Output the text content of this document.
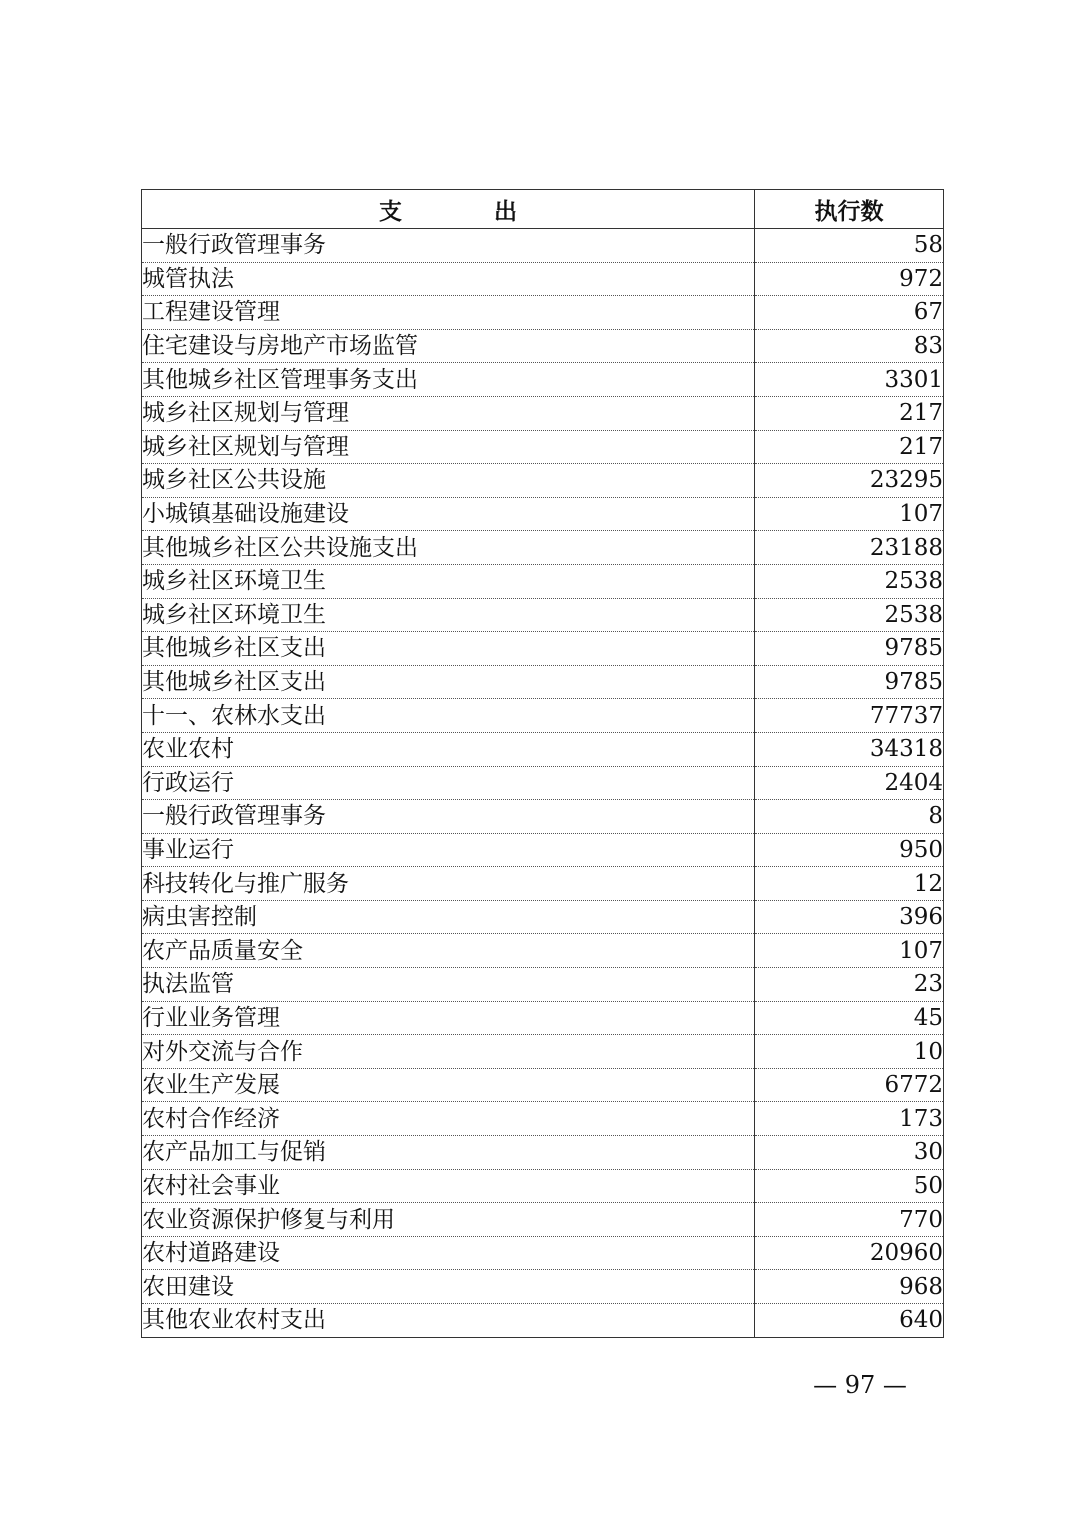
支出	执行数
一般行政管理事务	58
城管执法	972
工程建设管理	67
住宅建设与房地产市场监管	83
其他城乡社区管理事务支出	3301
城乡社区规划与管理	217
城乡社区规划与管理	217
城乡社区公共设施	23295
小城镇基础设施建设	107
其他城乡社区公共设施支出	23188
城乡社区环境卫生	2538
城乡社区环境卫生	2538
其他城乡社区支出	9785
其他城乡社区支出	9785
十一、农林水支出	77737
农业农村	34318
行政运行	2404
一般行政管理事务	8
事业运行	950
科技转化与推广服务	12
病虫害控制	396
农产品质量安全	107
执法监管	23
行业业务管理	45
对外交流与合作	10
农业生产发展	6772
农村合作经济	173
农产品加工与促销	30
农村社会事业	50
农业资源保护修复与利用	770
农村道路建设	20960
农田建设	968
其他农业农村支出	640
— 97 —
